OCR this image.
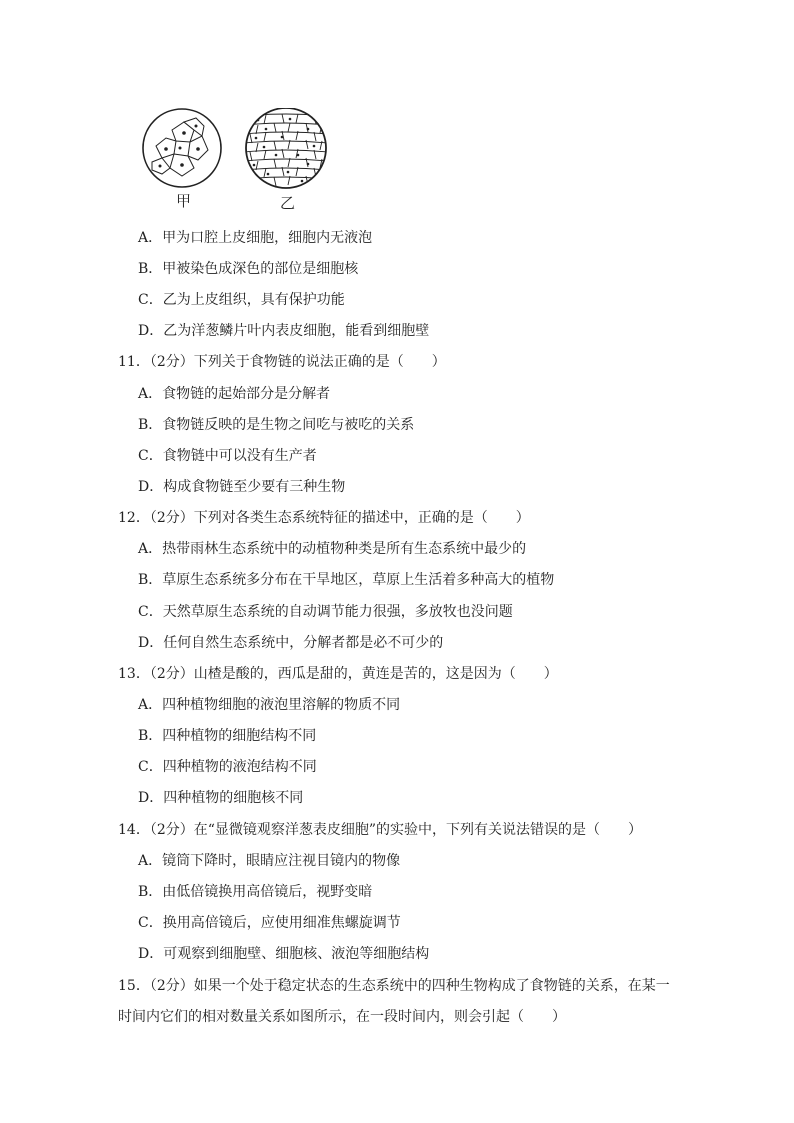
甲	乙
A．甲为口腔上皮细胞，细胞内无液泡
B．甲被染色成深色的部位是细胞核
C．乙为上皮组织，具有保护功能
D．乙为洋葱鳞片叶内表皮细胞，能看到细胞壁
11．（2分）下列关于食物链的说法正确的是（　　）
A．食物链的起始部分是分解者
B．食物链反映的是生物之间吃与被吃的关系
C．食物链中可以没有生产者
D．构成食物链至少要有三种生物
12．（2分）下列对各类生态系统特征的描述中，正确的是（　　）
A．热带雨林生态系统中的动植物种类是所有生态系统中最少的
B．草原生态系统多分布在干旱地区，草原上生活着多种高大的植物
C．天然草原生态系统的自动调节能力很强，多放牧也没问题
D．任何自然生态系统中，分解者都是必不可少的
13．（2分）山楂是酸的，西瓜是甜的，黄连是苦的，这是因为（　　）
A．四种植物细胞的液泡里溶解的物质不同
B．四种植物的细胞结构不同
C．四种植物的液泡结构不同
D．四种植物的细胞核不同
14．（2分）在“显微镜观察洋葱表皮细胞”的实验中，下列有关说法错误的是（　　）
A．镜筒下降时，眼睛应注视目镜内的物像
B．由低倍镜换用高倍镜后，视野变暗
C．换用高倍镜后，应使用细准焦螺旋调节
D．可观察到细胞壁、细胞核、液泡等细胞结构
15．（2分）如果一个处于稳定状态的生态系统中的四种生物构成了食物链的关系，在某一
时间内它们的相对数量关系如图所示，在一段时间内，则会引起（　　）
